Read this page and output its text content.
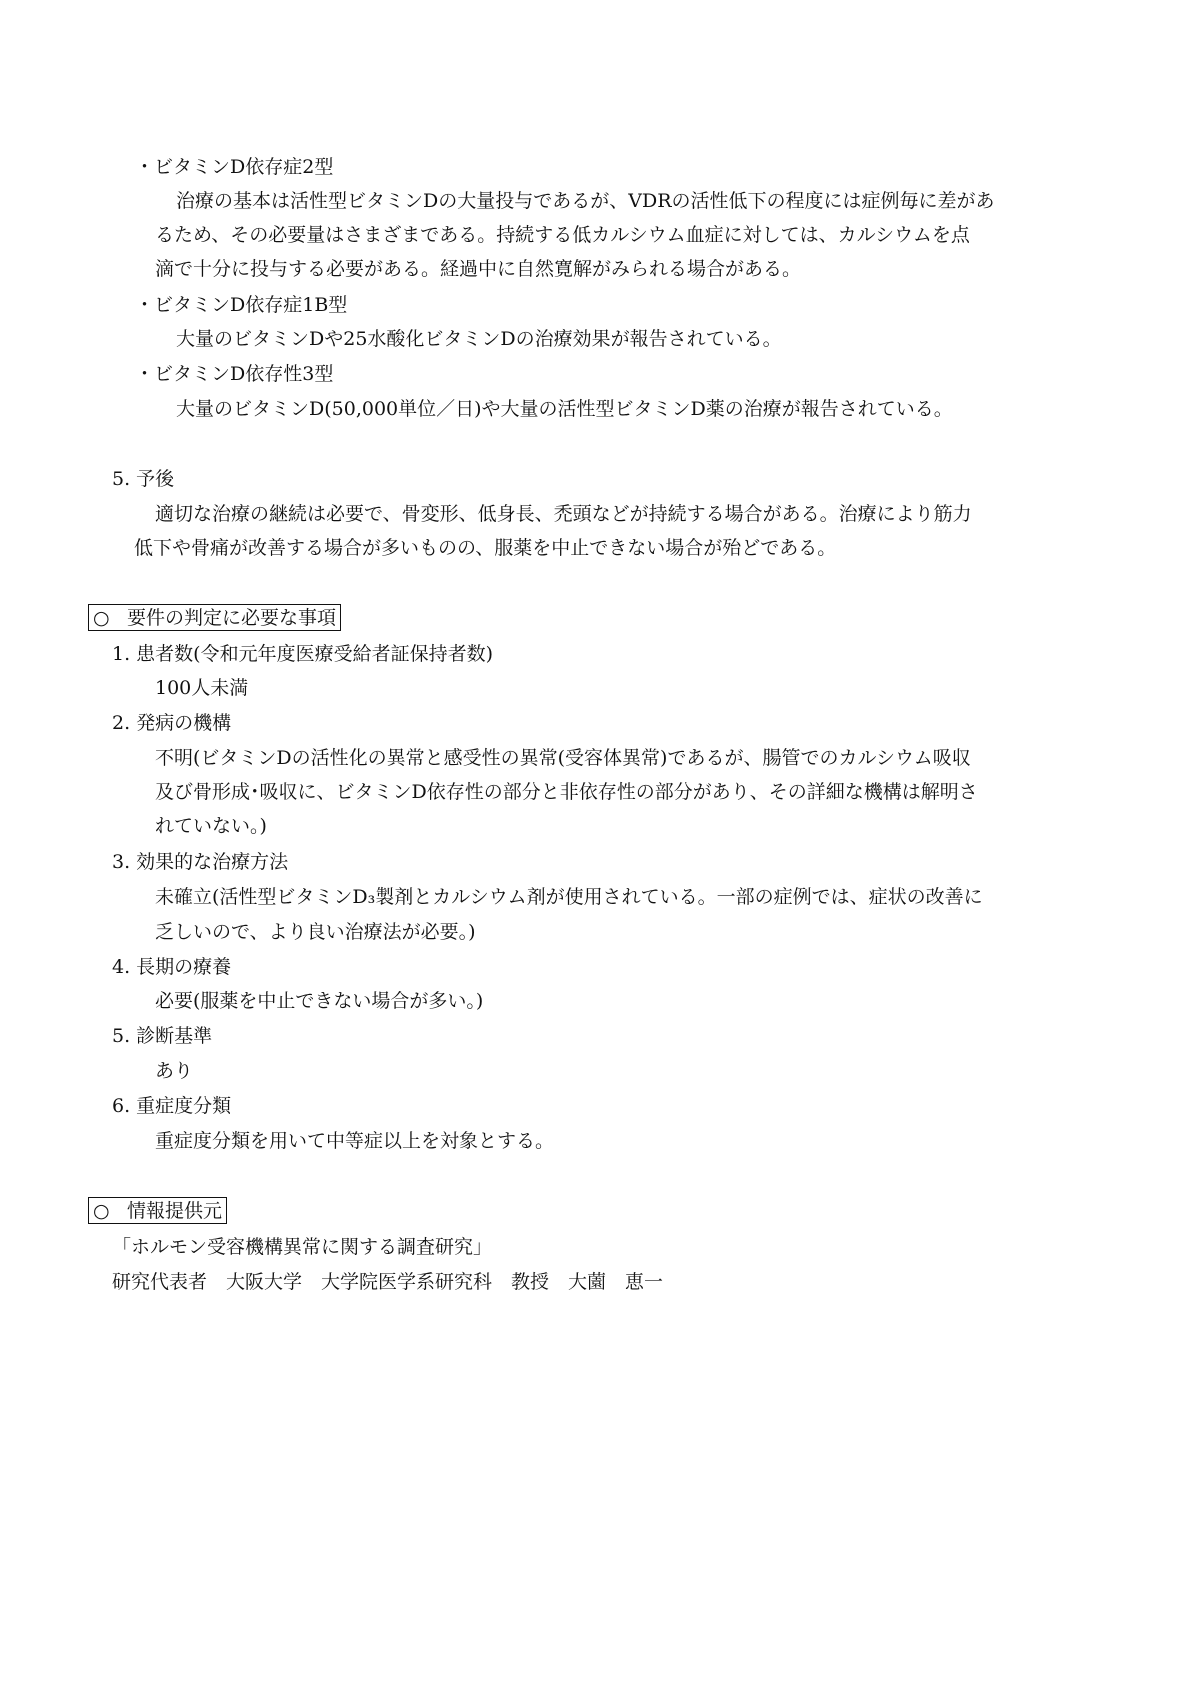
・ビタミンD依存症2型
治療の基本は活性型ビタミンDの大量投与であるが、VDRの活性低下の程度には症例毎に差があ
るため、その必要量はさまざまである。持続する低カルシウム血症に対しては、カルシウムを点
滴で十分に投与する必要がある。経過中に自然寛解がみられる場合がある。
・ビタミンD依存症1B型
大量のビタミンDや25水酸化ビタミンDの治療効果が報告されている。
・ビタミンD依存性3型
大量のビタミンD(50,000単位／日)や大量の活性型ビタミンD薬の治療が報告されている。
5. 予後
適切な治療の継続は必要で、骨変形、低身長、禿頭などが持続する場合がある。治療により筋力
低下や骨痛が改善する場合が多いものの、服薬を中止できない場合が殆どである。
○ 要件の判定に必要な事項
1. 患者数(令和元年度医療受給者証保持者数)
100人未満
2. 発病の機構
不明(ビタミンDの活性化の異常と感受性の異常(受容体異常)であるが、腸管でのカルシウム吸収
及び骨形成･吸収に、ビタミンD依存性の部分と非依存性の部分があり、その詳細な機構は解明さ
れていない。)
3. 効果的な治療方法
未確立(活性型ビタミンD₃製剤とカルシウム剤が使用されている。一部の症例では、症状の改善に
乏しいので、より良い治療法が必要。)
4. 長期の療養
必要(服薬を中止できない場合が多い。)
5. 診断基準
あり
6. 重症度分類
重症度分類を用いて中等症以上を対象とする。
○ 情報提供元
「ホルモン受容機構異常に関する調査研究」
研究代表者　大阪大学　大学院医学系研究科　教授　大薗　恵一
